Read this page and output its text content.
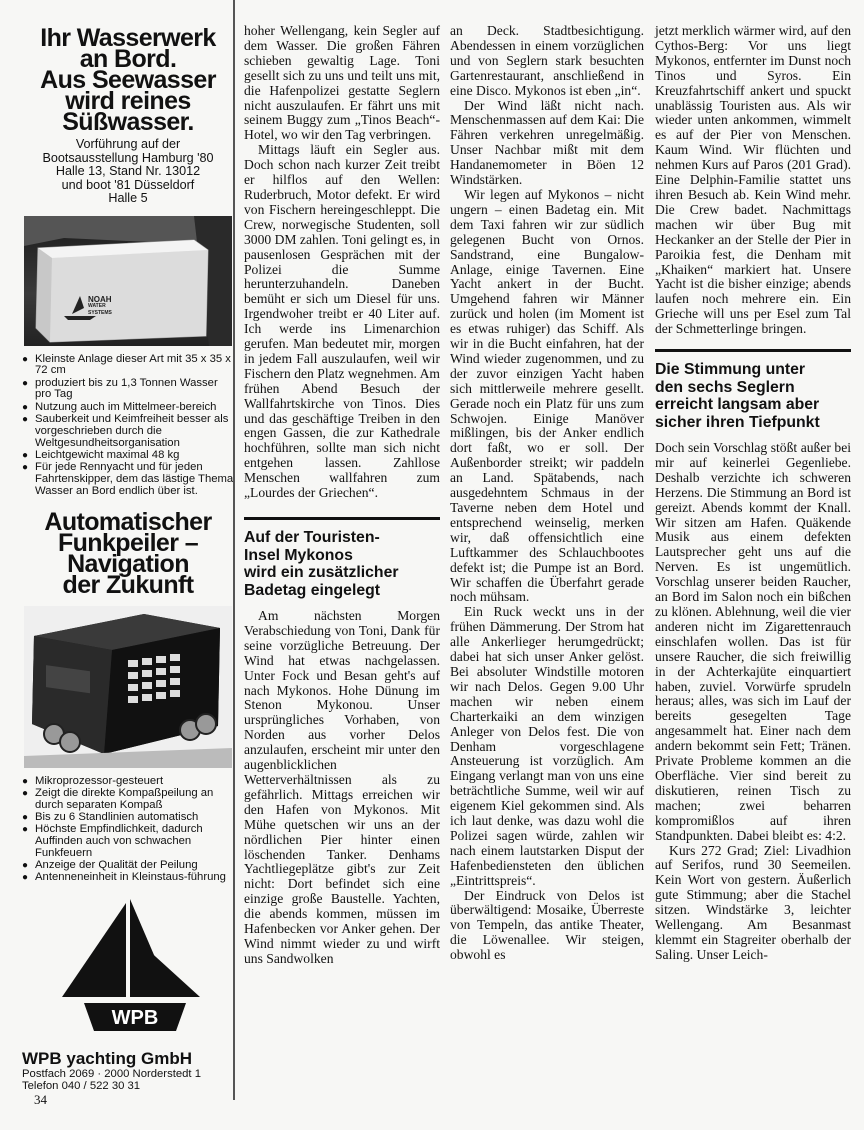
Ihr Wasserwerk
an Bord.
Aus Seewasser
wird reines
Süßwasser.
Vorführung auf der
Bootsausstellung Hamburg '80
Halle 13, Stand Nr. 13012
und boot '81 Düsseldorf
Halle 5
NOAH
WATER
SYSTEMS
● Kleinste Anlage dieser Art mit 35 x 35 x 72 cm
● produziert bis zu 1,3 Tonnen Wasser pro Tag
● Nutzung auch im Mittelmeer-bereich
● Sauberkeit und Keimfreiheit besser als vorgeschrieben durch die Weltgesundheitsorganisation
● Leichtgewicht maximal 48 kg
● Für jede Rennyacht und für jeden Fahrtenskipper, dem das lästige Thema Wasser an Bord endlich über ist.
Automatischer
Funkpeiler –
Navigation
der Zukunft
● Mikroprozessor-gesteuert
● Zeigt die direkte Kompaßpeilung an durch separaten Kompaß
● Bis zu 6 Standlinien automatisch
● Höchste Empfindlichkeit, dadurch Auffinden auch von schwachen Funkfeuern
● Anzeige der Qualität der Peilung
● Antenneneinheit in Kleinstaus-führung
WPB
WPB yachting GmbH
Postfach 2069 · 2000 Norderstedt 1
Telefon 040 / 522 30 31

hoher Wellengang, kein Segler auf dem Wasser. Die großen Fähren schieben gewaltig Lage. Toni gesellt sich zu uns und teilt uns mit, die Hafenpolizei gestatte Seglern nicht auszulaufen. Er fährt uns mit seinem Buggy zum „Tinos Beach“-Hotel, wo wir den Tag verbringen.

Mittags läuft ein Segler aus. Doch schon nach kurzer Zeit treibt er hilflos auf den Wellen: Ruderbruch, Motor defekt. Er wird von Fischern hereingeschleppt. Die Crew, norwegische Studenten, soll 3000 DM zahlen. Toni gelingt es, in pausenlosen Gesprächen mit der Polizei die Summe herunterzuhandeln. Daneben bemüht er sich um Diesel für uns. Irgendwoher treibt er 40 Liter auf. Ich werde ins Limenarchion gerufen. Man bedeutet mir, morgen in jedem Fall auszulaufen, weil wir Fischern den Platz wegnehmen. Am frühen Abend Besuch der Wallfahrtskirche von Tinos. Dies und das geschäftige Treiben in den engen Gassen, die zur Kathedrale hochführen, sollte man sich nicht entgehen lassen. Zahllose Menschen wallfahren zum „Lourdes der Griechen“.

Auf der Touristen-
Insel Mykonos
wird ein zusätzlicher
Badetag eingelegt

Am nächsten Morgen Verabschiedung von Toni, Dank für seine vorzügliche Betreuung. Der Wind hat etwas nachgelassen. Unter Fock und Besan geht's auf nach Mykonos. Hohe Dünung im Stenon Mykonou. Unser ursprüngliches Vorhaben, von Norden aus vorher Delos anzulaufen, erscheint mir unter den augenblicklichen Wetterverhältnissen als zu gefährlich. Mittags erreichen wir den Hafen von Mykonos. Mit Mühe quetschen wir uns an der nördlichen Pier hinter einen löschenden Tanker. Denhams Yachtliegeplätze gibt's zur Zeit nicht: Dort befindet sich eine einzige große Baustelle. Yachten, die abends kommen, müssen im Hafenbecken vor Anker gehen. Der Wind nimmt wieder zu und wirft uns Sandwolken

an Deck. Stadtbesichtigung. Abendessen in einem vorzüglichen und von Seglern stark besuchten Gartenrestaurant, anschließend in eine Disco. Mykonos ist eben „in“.

Der Wind läßt nicht nach. Menschenmassen auf dem Kai: Die Fähren verkehren unregelmäßig. Unser Nachbar mißt mit dem Handanemometer in Böen 12 Windstärken.

Wir legen auf Mykonos – nicht ungern – einen Badetag ein. Mit dem Taxi fahren wir zur südlich gelegenen Bucht von Ornos. Sandstrand, eine Bungalow-Anlage, einige Tavernen. Eine Yacht ankert in der Bucht. Umgehend fahren wir Männer zurück und holen (im Moment ist es etwas ruhiger) das Schiff. Als wir in die Bucht einfahren, hat der Wind wieder zugenommen, und zu der zuvor einzigen Yacht haben sich mittlerweile mehrere gesellt. Gerade noch ein Platz für uns zum Schwojen. Einige Manöver mißlingen, bis der Anker endlich dort faßt, wo er soll. Der Außenborder streikt; wir paddeln an Land. Spätabends, nach ausgedehntem Schmaus in der Taverne neben dem Hotel und entsprechend weinselig, merken wir, daß offensichtlich eine Luftkammer des Schlauchbootes defekt ist; die Pumpe ist an Bord. Wir schaffen die Überfahrt gerade noch mühsam.

Ein Ruck weckt uns in der frühen Dämmerung. Der Strom hat alle Ankerlieger herumgedrückt; dabei hat sich unser Anker gelöst. Bei absoluter Windstille motoren wir nach Delos. Gegen 9.00 Uhr machen wir neben einem Charterkaiki an dem winzigen Anleger von Delos fest. Die von Denham vorgeschlagene Ansteuerung ist vorzüglich. Am Eingang verlangt man von uns eine beträchtliche Summe, weil wir auf eigenem Kiel gekommen sind. Als ich laut denke, was dazu wohl die Polizei sagen würde, zahlen wir nach einem lautstarken Disput der Hafenbediensteten den üblichen „Eintrittspreis“.

Der Eindruck von Delos ist überwältigend: Mosaike, Überreste von Tempeln, das antike Theater, die Löwenallee. Wir steigen, obwohl es

jetzt merklich wärmer wird, auf den Cythos-Berg: Vor uns liegt Mykonos, entfernter im Dunst noch Tinos und Syros. Ein Kreuzfahrtschiff ankert und spuckt unablässig Touristen aus. Als wir wieder unten ankommen, wimmelt es auf der Pier von Menschen. Kaum Wind. Wir flüchten und nehmen Kurs auf Paros (201 Grad). Eine Delphin-Familie stattet uns ihren Besuch ab. Kein Wind mehr. Die Crew badet. Nachmittags machen wir über Bug mit Heckanker an der Stelle der Pier in Paroikia fest, die Denham mit „Khaiken“ markiert hat. Unsere Yacht ist die bisher einzige; abends laufen noch mehrere ein. Ein Grieche will uns per Esel zum Tal der Schmetterlinge bringen.

Die Stimmung unter
den sechs Seglern
erreicht langsam aber
sicher ihren Tiefpunkt

Doch sein Vorschlag stößt außer bei mir auf keinerlei Gegenliebe. Deshalb verzichte ich schweren Herzens. Die Stimmung an Bord ist gereizt. Abends kommt der Knall. Wir sitzen am Hafen. Quäkende Musik aus einem defekten Lautsprecher geht uns auf die Nerven. Es ist ungemütlich. Vorschlag unserer beiden Raucher, an Bord im Salon noch ein bißchen zu klönen. Ablehnung, weil die vier anderen nicht im Zigarettenrauch einschlafen wollen. Das ist für unsere Raucher, die sich freiwillig in der Achterkajüte einquartiert haben, zuviel. Vorwürfe sprudeln heraus; alles, was sich im Lauf der bereits gesegelten Tage angesammelt hat. Einer nach dem andern bekommt sein Fett; Tränen. Private Probleme kommen an die Oberfläche. Vier sind bereit zu diskutieren, reinen Tisch zu machen; zwei beharren kompromißlos auf ihren Standpunkten. Dabei bleibt es: 4:2.

Kurs 272 Grad; Ziel: Livadhion auf Serifos, rund 30 Seemeilen. Kein Wort von gestern. Äußerlich gute Stimmung; aber die Stachel sitzen. Windstärke 3, leichter Wellengang. Am Besanmast klemmt ein Stagreiter oberhalb der Saling. Unser Leich-

34
